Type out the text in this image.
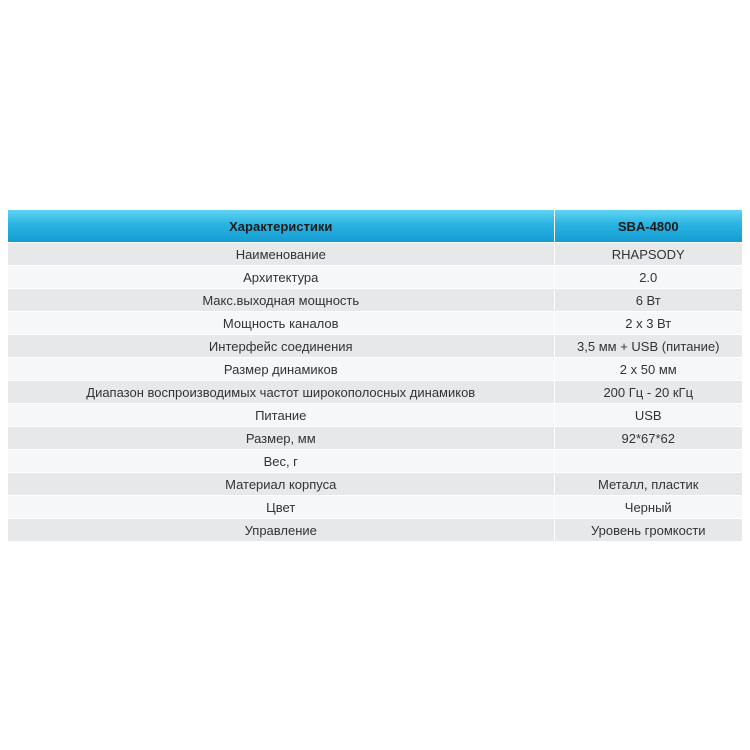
Характеристики	SBA-4800
Наименование	RHAPSODY
Архитектура	2.0
Макс.выходная мощность	6 Вт
Мощность каналов	2 x 3 Вт
Интерфейс соединения	3,5 мм + USB (питание)
Размер динамиков	2 x 50 мм
Диапазон воспроизводимых частот широкополосных динамиков	200 Гц - 20 кГц
Питание	USB
Размер, мм	92*67*62
Вес, г	
Материал корпуса	Металл, пластик
Цвет	Черный
Управление	Уровень громкости
